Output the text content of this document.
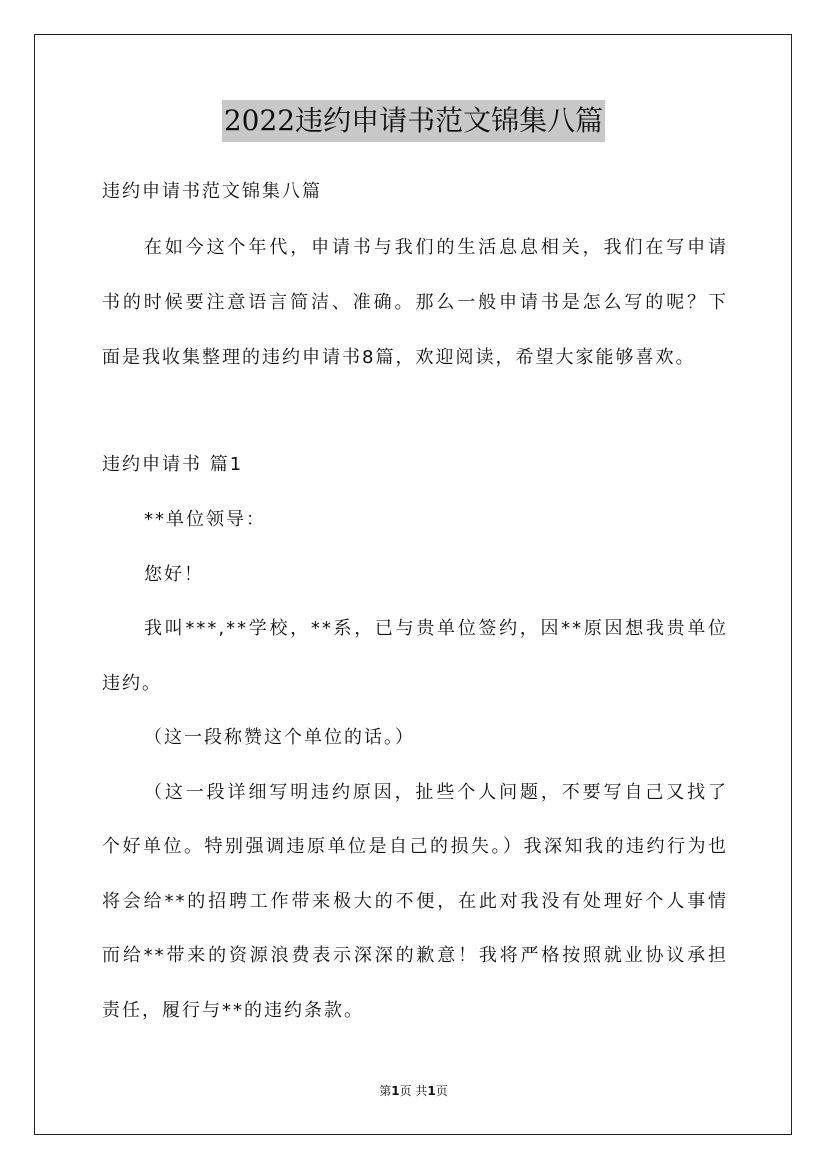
2022违约申请书范文锦集八篇
违约申请书范文锦集八篇
在如今这个年代，申请书与我们的生活息息相关，我们在写申请
书的时候要注意语言简洁、准确。那么一般申请书是怎么写的呢？下
面是我收集整理的违约申请书8篇，欢迎阅读，希望大家能够喜欢。
违约申请书 篇1
**单位领导：
您好！
我叫***,**学校，**系，已与贵单位签约，因**原因想我贵单位
违约。
（这一段称赞这个单位的话。）
（这一段详细写明违约原因，扯些个人问题，不要写自己又找了
个好单位。特别强调违原单位是自己的损失。）我深知我的违约行为也
将会给**的招聘工作带来极大的不便，在此对我没有处理好个人事情
而给**带来的资源浪费表示深深的歉意！我将严格按照就业协议承担
责任，履行与**的违约条款。
第1页 共1页
